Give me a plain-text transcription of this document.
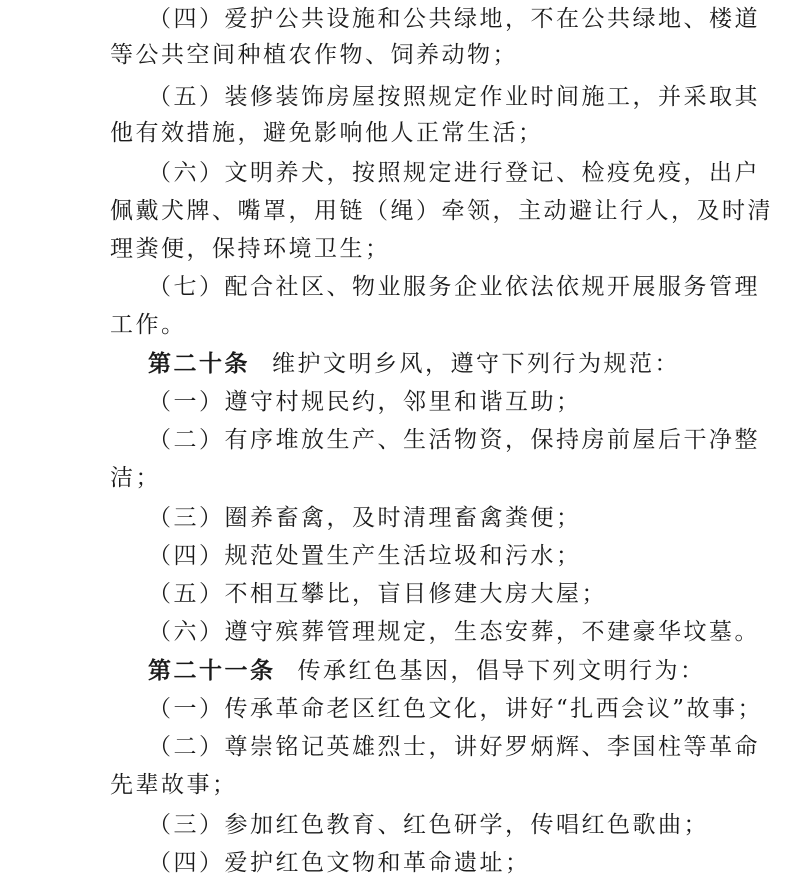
（四）爱护公共设施和公共绿地，不在公共绿地、楼道
等公共空间种植农作物、饲养动物；
（五）装修装饰房屋按照规定作业时间施工，并采取其
他有效措施，避免影响他人正常生活；
（六）文明养犬，按照规定进行登记、检疫免疫，出户
佩戴犬牌、嘴罩，用链（绳）牵领，主动避让行人，及时清
理粪便，保持环境卫生；
（七）配合社区、物业服务企业依法依规开展服务管理
工作。
第二十条 维护文明乡风，遵守下列行为规范：
（一）遵守村规民约，邻里和谐互助；
（二）有序堆放生产、生活物资，保持房前屋后干净整
洁；
（三）圈养畜禽，及时清理畜禽粪便；
（四）规范处置生产生活垃圾和污水；
（五）不相互攀比，盲目修建大房大屋；
（六）遵守殡葬管理规定，生态安葬，不建豪华坟墓。
第二十一条 传承红色基因，倡导下列文明行为：
（一）传承革命老区红色文化，讲好“扎西会议”故事；
（二）尊崇铭记英雄烈士，讲好罗炳辉、李国柱等革命
先辈故事；
（三）参加红色教育、红色研学，传唱红色歌曲；
（四）爱护红色文物和革命遗址；
